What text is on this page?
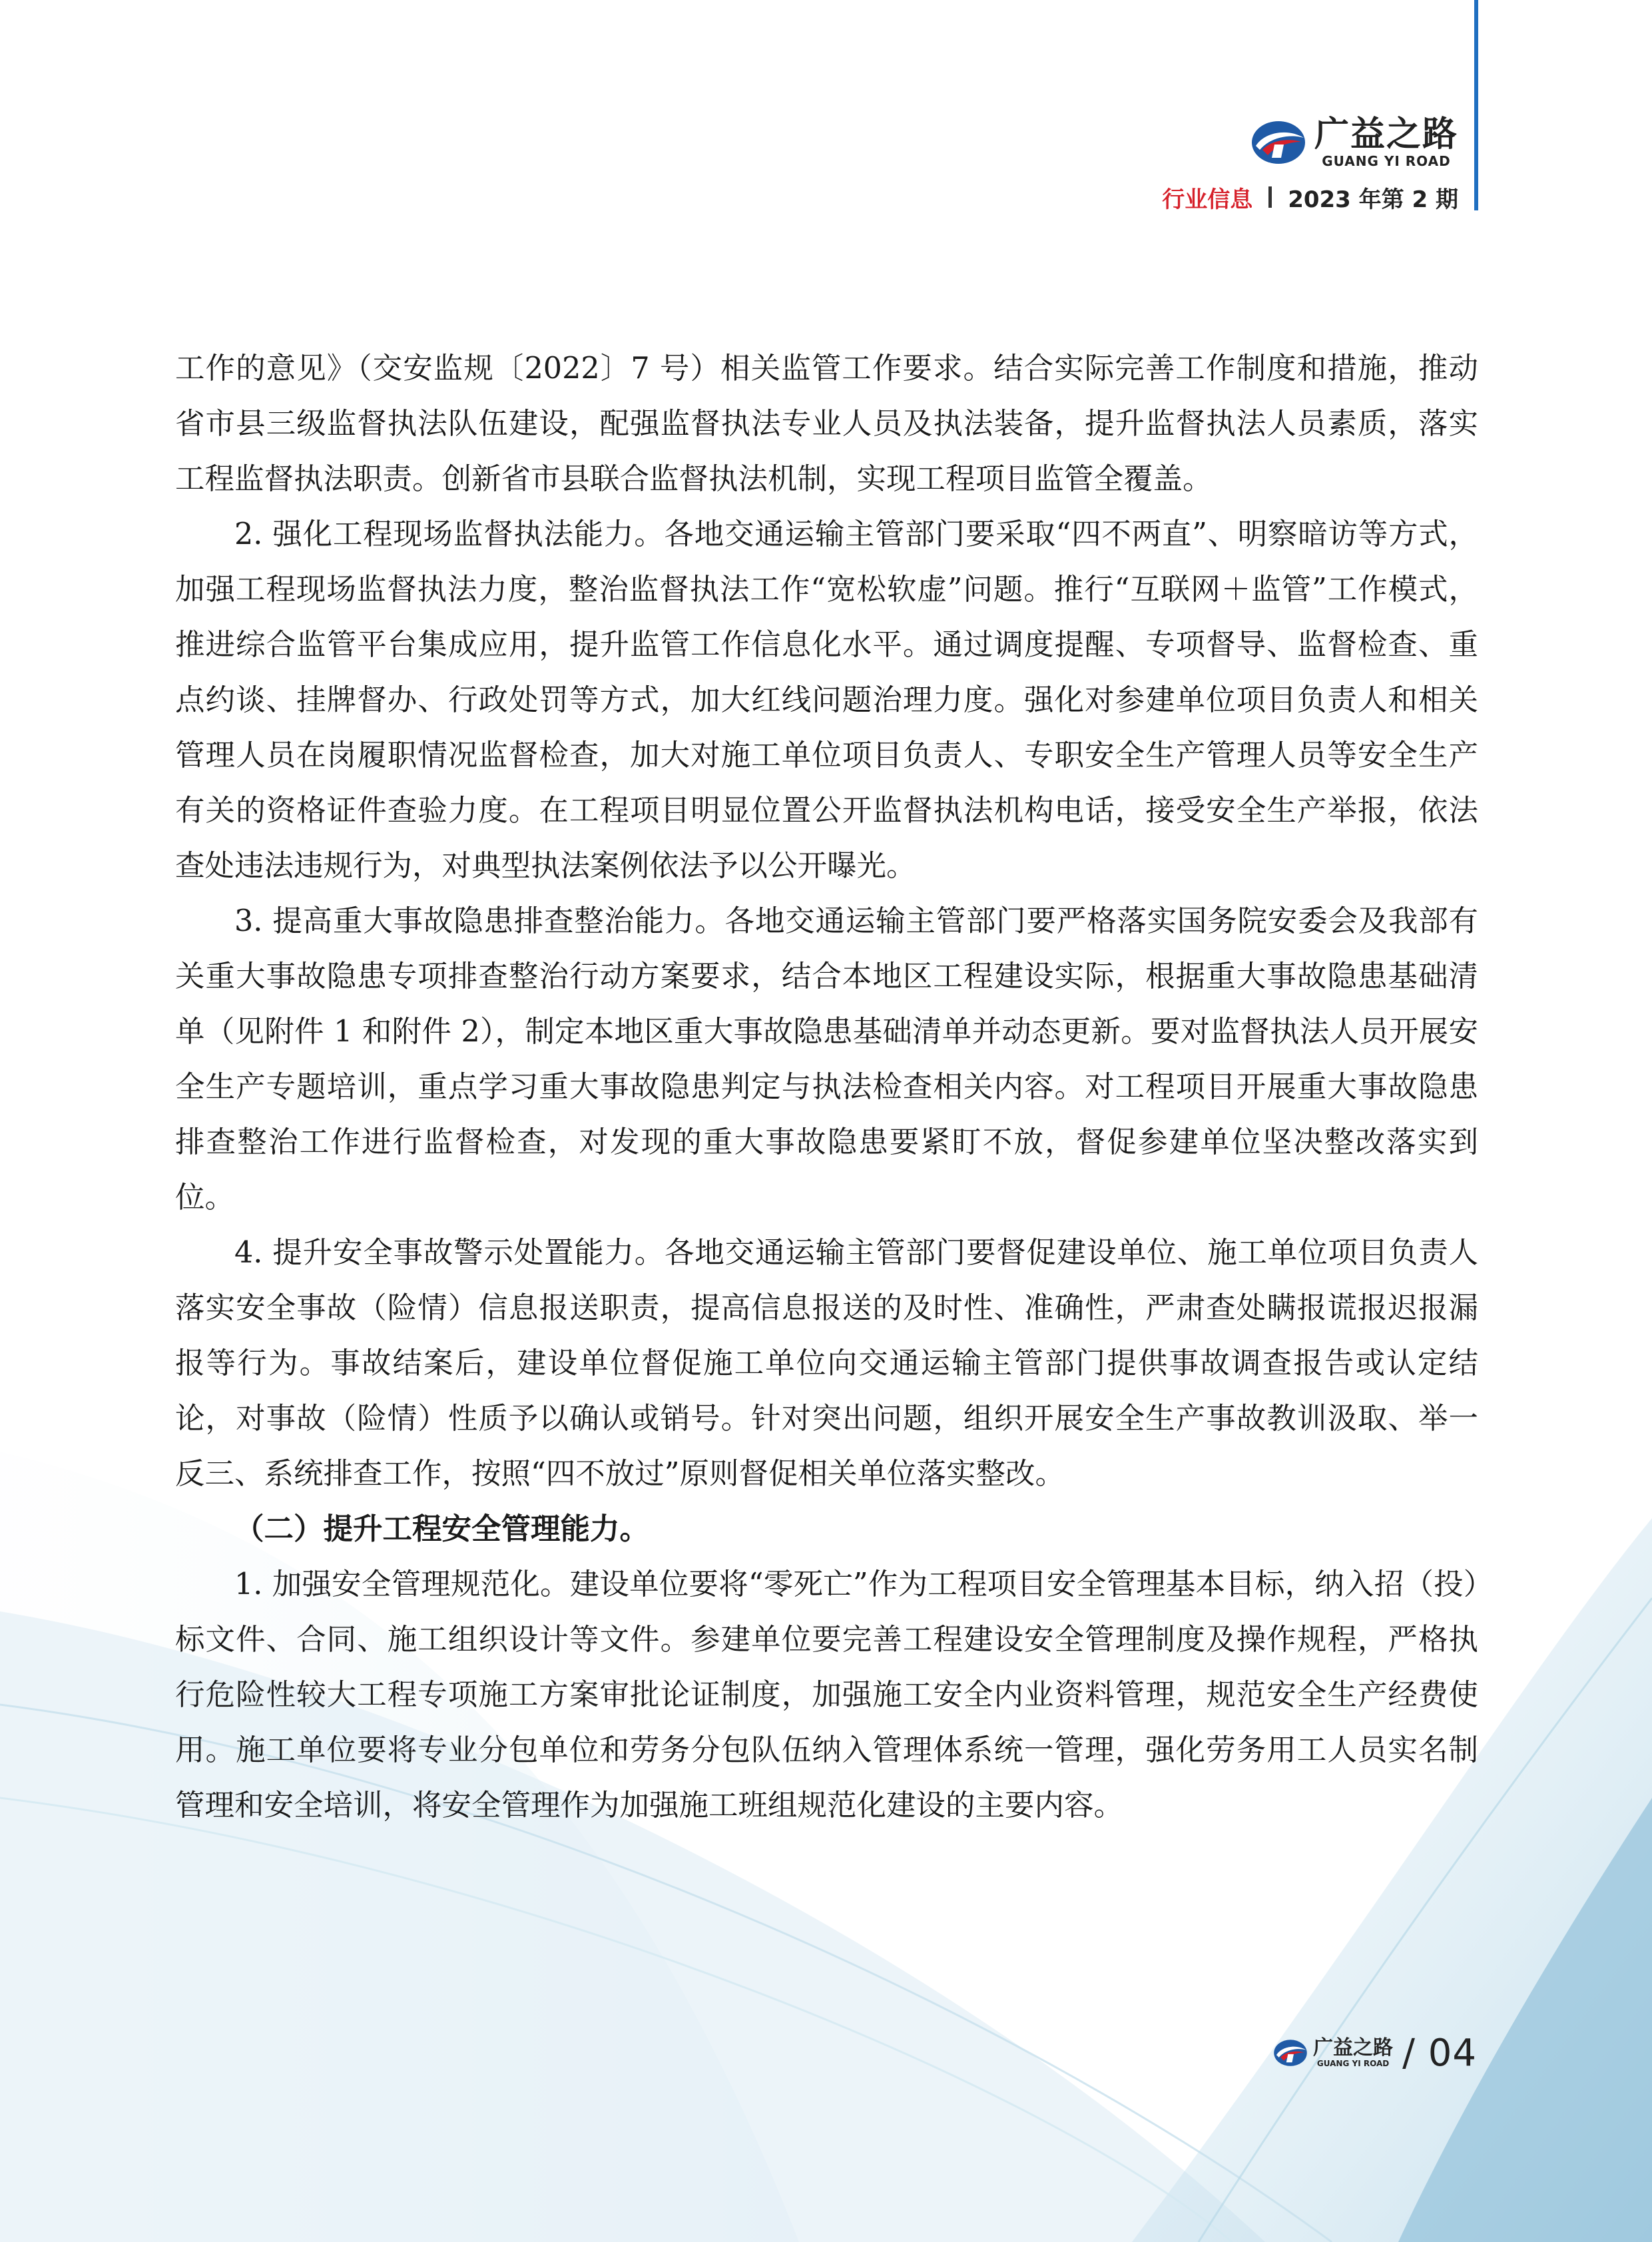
广益之路
GUANG YI ROAD
行业信息 2023 年第 2 期

工作的意见》（交安监规〔2022〕7 号）相关监管工作要求。结合实际完善工作制度和措施，推动省市县三级监督执法队伍建设，配强监督执法专业人员及执法装备，提升监督执法人员素质，落实工程监督执法职责。创新省市县联合监督执法机制，实现工程项目监管全覆盖。

2. 强化工程现场监督执法能力。各地交通运输主管部门要采取“四不两直”、明察暗访等方式，加强工程现场监督执法力度，整治监督执法工作“宽松软虚”问题。推行“互联网＋监管”工作模式，推进综合监管平台集成应用，提升监管工作信息化水平。通过调度提醒、专项督导、监督检查、重点约谈、挂牌督办、行政处罚等方式，加大红线问题治理力度。强化对参建单位项目负责人和相关管理人员在岗履职情况监督检查，加大对施工单位项目负责人、专职安全生产管理人员等安全生产有关的资格证件查验力度。在工程项目明显位置公开监督执法机构电话，接受安全生产举报，依法查处违法违规行为，对典型执法案例依法予以公开曝光。

3. 提高重大事故隐患排查整治能力。各地交通运输主管部门要严格落实国务院安委会及我部有关重大事故隐患专项排查整治行动方案要求，结合本地区工程建设实际，根据重大事故隐患基础清单（见附件 1 和附件 2），制定本地区重大事故隐患基础清单并动态更新。要对监督执法人员开展安全生产专题培训，重点学习重大事故隐患判定与执法检查相关内容。对工程项目开展重大事故隐患排查整治工作进行监督检查，对发现的重大事故隐患要紧盯不放，督促参建单位坚决整改落实到位。

4. 提升安全事故警示处置能力。各地交通运输主管部门要督促建设单位、施工单位项目负责人落实安全事故（险情）信息报送职责，提高信息报送的及时性、准确性，严肃查处瞒报谎报迟报漏报等行为。事故结案后，建设单位督促施工单位向交通运输主管部门提供事故调查报告或认定结论，对事故（险情）性质予以确认或销号。针对突出问题，组织开展安全生产事故教训汲取、举一反三、系统排查工作，按照“四不放过”原则督促相关单位落实整改。

（二）提升工程安全管理能力。

1. 加强安全管理规范化。建设单位要将“零死亡”作为工程项目安全管理基本目标，纳入招（投）标文件、合同、施工组织设计等文件。参建单位要完善工程建设安全管理制度及操作规程，严格执行危险性较大工程专项施工方案审批论证制度，加强施工安全内业资料管理，规范安全生产经费使用。施工单位要将专业分包单位和劳务分包队伍纳入管理体系统一管理，强化劳务用工人员实名制管理和安全培训，将安全管理作为加强施工班组规范化建设的主要内容。

广益之路
GUANG YI ROAD / 04
